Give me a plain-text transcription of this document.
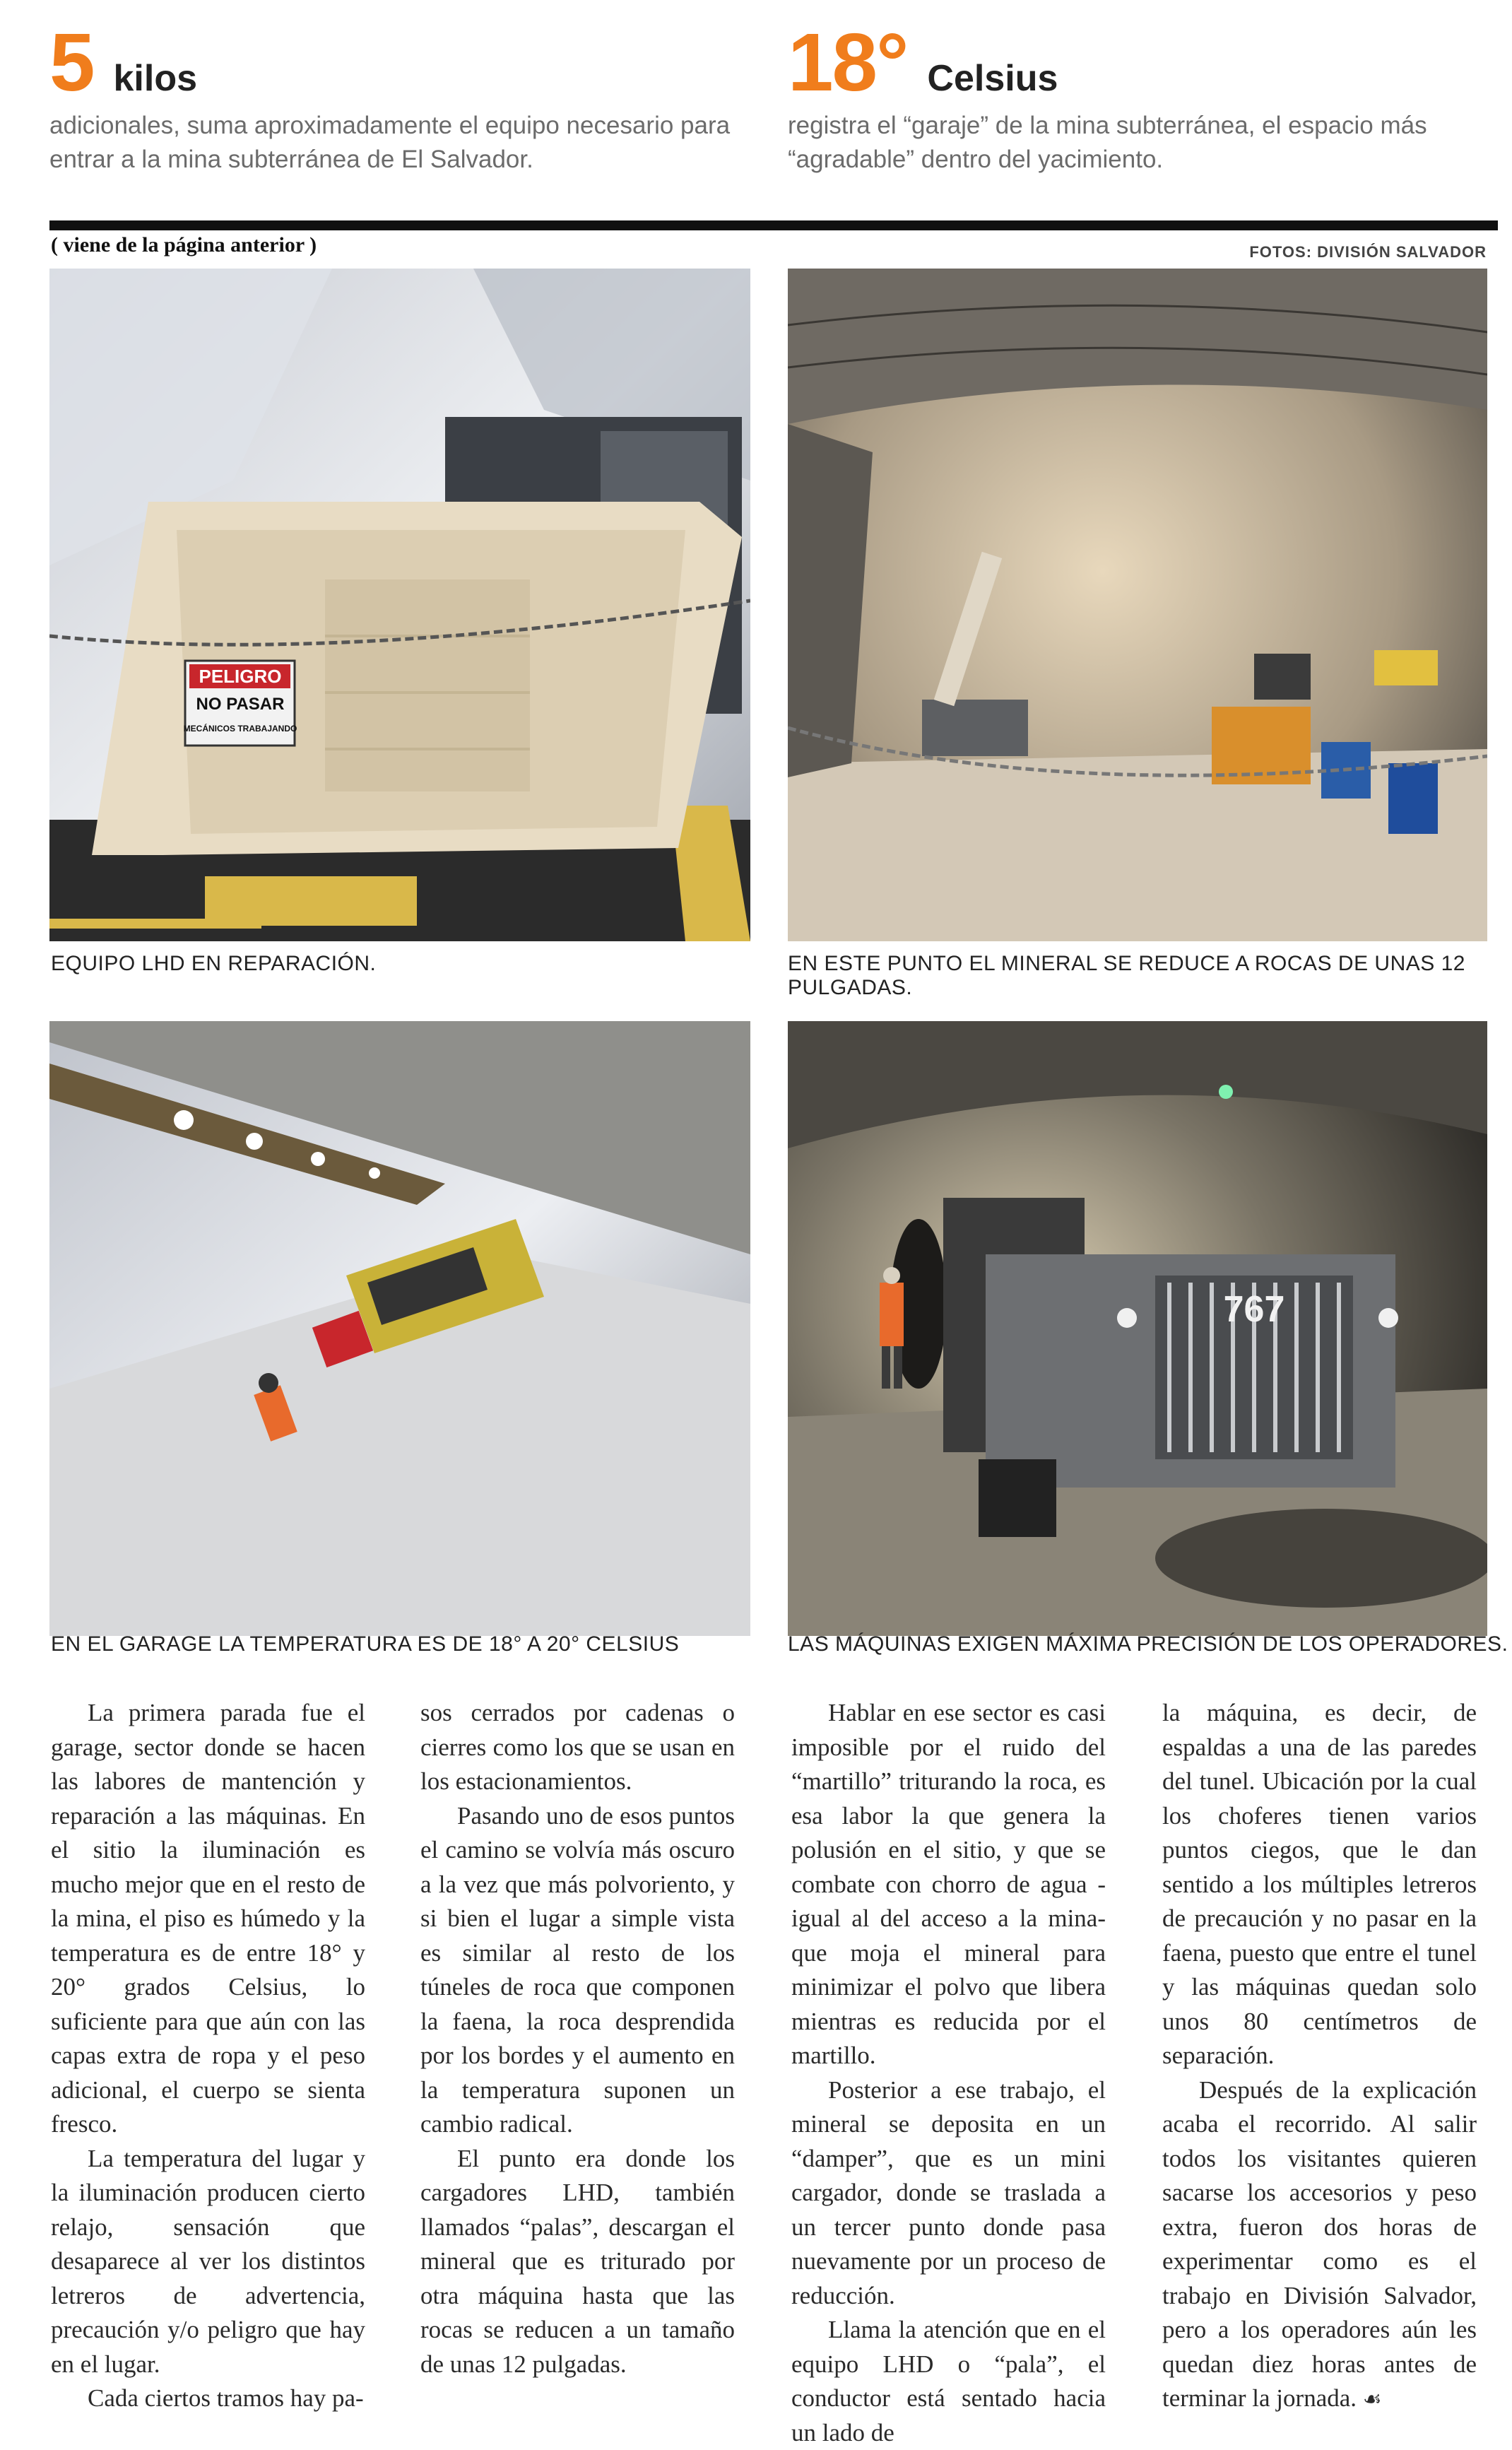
5 kilos
adicionales, suma aproximadamente el equipo necesario para entrar a la mina subterránea de El Salvador.
18° Celsius
registra el “garaje” de la mina subterránea, el espacio más “agradable” dentro del yacimiento.
( viene de la página anterior )	FOTOS: DIVISIÓN SALVADOR
PELIGRO
NO PASAR
MECÁNICOS TRABAJANDO
EQUIPO LHD EN REPARACIÓN.	EN ESTE PUNTO EL MINERAL SE REDUCE A ROCAS DE UNAS 12 PULGADAS.
EN EL GARAGE LA TEMPERATURA ES DE 18° A 20° CELSIUS
767
LAS MÁQUINAS EXIGEN MÁXIMA PRECISIÓN DE LOS OPERADORES.

La primera parada fue el garage, sector donde se hacen las labores de mantención y reparación a las máquinas. En el sitio la iluminación es mucho mejor que en el resto de la mina, el piso es húmedo y la temperatura es de entre 18° y 20° grados Celsius, lo suficiente para que aún con las capas extra de ropa y el peso adicional, el cuerpo se sienta fresco.

La temperatura del lugar y la iluminación producen cierto relajo, sensación que desaparece al ver los distintos letreros de advertencia, precaución y/o peligro que hay en el lugar.

Cada ciertos tramos hay pa-

sos cerrados por cadenas o cierres como los que se usan en los estacionamientos.

Pasando uno de esos puntos el camino se volvía más oscuro a la vez que más polvoriento, y si bien el lugar a simple vista es similar al resto de los túneles de roca que componen la faena, la roca desprendida por los bordes y el aumento en la temperatura suponen un cambio radical.

El punto era donde los cargadores LHD, también llamados “palas”, descargan el mineral que es triturado por otra máquina hasta que las rocas se reducen a un tamaño de unas 12 pulgadas.

Hablar en ese sector es casi imposible por el ruido del “martillo” triturando la roca, es esa labor la que genera la polusión en el sitio, y que se combate con chorro de agua -igual al del acceso a la mina- que moja el mineral para minimizar el polvo que libera mientras es reducida por el martillo.

Posterior a ese trabajo, el mineral se deposita en un “damper”, que es un mini cargador, donde se traslada a un tercer punto donde pasa nuevamente por un proceso de reducción.

Llama la atención que en el equipo LHD o “pala”, el conductor está sentado hacia un lado de

la máquina, es decir, de espaldas a una de las paredes del tunel. Ubicación por la cual los choferes tienen varios puntos ciegos, que le dan sentido a los múltiples letreros de precaución y no pasar en la faena, puesto que entre el tunel y las máquinas quedan solo unos 80 centímetros de separación.

Después de la explicación acaba el recorrido. Al salir todos los visitantes quieren sacarse los accesorios y peso extra, fueron dos horas de experimentar como es el trabajo en División Salvador, pero a los operadores aún les quedan diez horas antes de terminar la jornada. ☙
